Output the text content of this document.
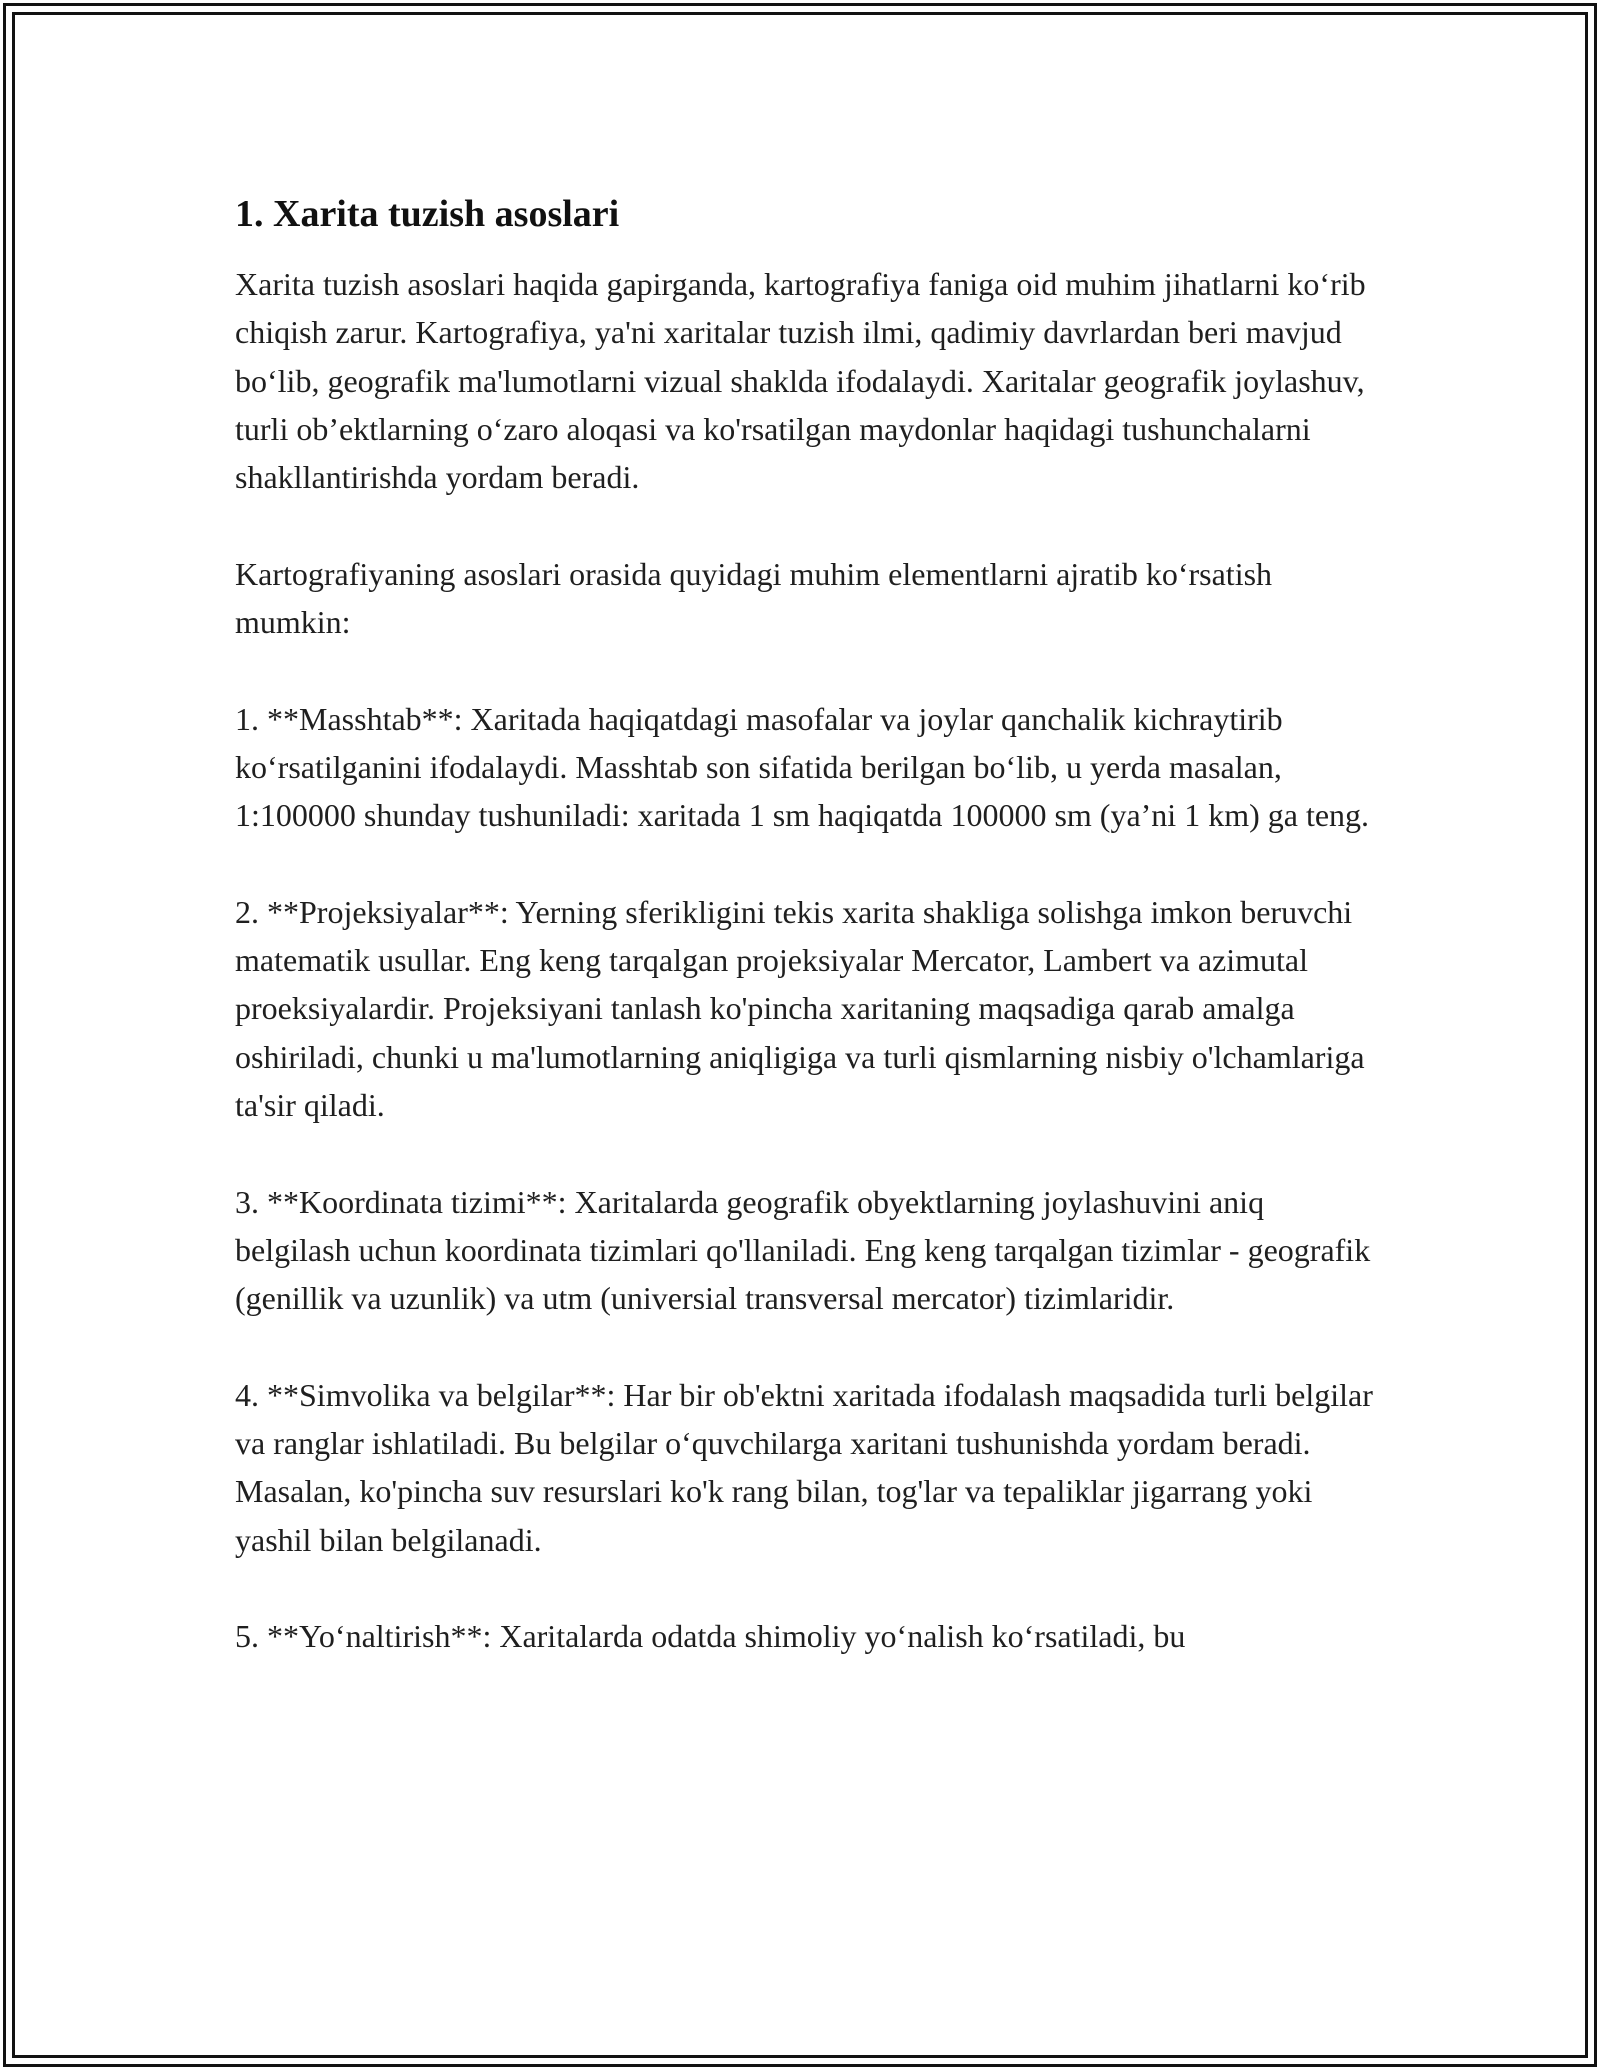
1. Xarita tuzish asoslari

Xarita tuzish asoslari haqida gapirganda, kartografiya faniga oid muhim jihatlarni ko‘rib chiqish zarur. Kartografiya, ya'ni xaritalar tuzish ilmi, qadimiy davrlardan beri mavjud bo‘lib, geografik ma'lumotlarni vizual shaklda ifodalaydi. Xaritalar geografik joylashuv, turli ob’ektlarning o‘zaro aloqasi va ko'rsatilgan maydonlar haqidagi tushunchalarni shakllantirishda yordam beradi.

Kartografiyaning asoslari orasida quyidagi muhim elementlarni ajratib ko‘rsatish mumkin:

1. **Masshtab**: Xaritada haqiqatdagi masofalar va joylar qanchalik kichraytirib ko‘rsatilganini ifodalaydi. Masshtab son sifatida berilgan bo‘lib, u yerda masalan, 1:100000 shunday tushuniladi: xaritada 1 sm haqiqatda 100000 sm (ya’ni 1 km) ga teng.

2. **Projeksiyalar**: Yerning sferikligini tekis xarita shakliga solishga imkon beruvchi matematik usullar. Eng keng tarqalgan projeksiyalar Mercator, Lambert va azimutal proeksiyalardir. Projeksiyani tanlash ko'pincha xaritaning maqsadiga qarab amalga oshiriladi, chunki u ma'lumotlarning aniqligiga va turli qismlarning nisbiy o'lchamlariga ta'sir qiladi.

3. **Koordinata tizimi**: Xaritalarda geografik obyektlarning joylashuvini aniq belgilash uchun koordinata tizimlari qo'llaniladi. Eng keng tarqalgan tizimlar - geografik (genillik va uzunlik) va utm (universial transversal mercator) tizimlaridir.

4. **Simvolika va belgilar**: Har bir ob'ektni xaritada ifodalash maqsadida turli belgilar va ranglar ishlatiladi. Bu belgilar o‘quvchilarga xaritani tushunishda yordam beradi. Masalan, ko'pincha suv resurslari ko'k rang bilan, tog'lar va tepaliklar jigarrang yoki yashil bilan belgilanadi.

5. **Yo‘naltirish**: Xaritalarda odatda shimoliy yo‘nalish ko‘rsatiladi, bu
